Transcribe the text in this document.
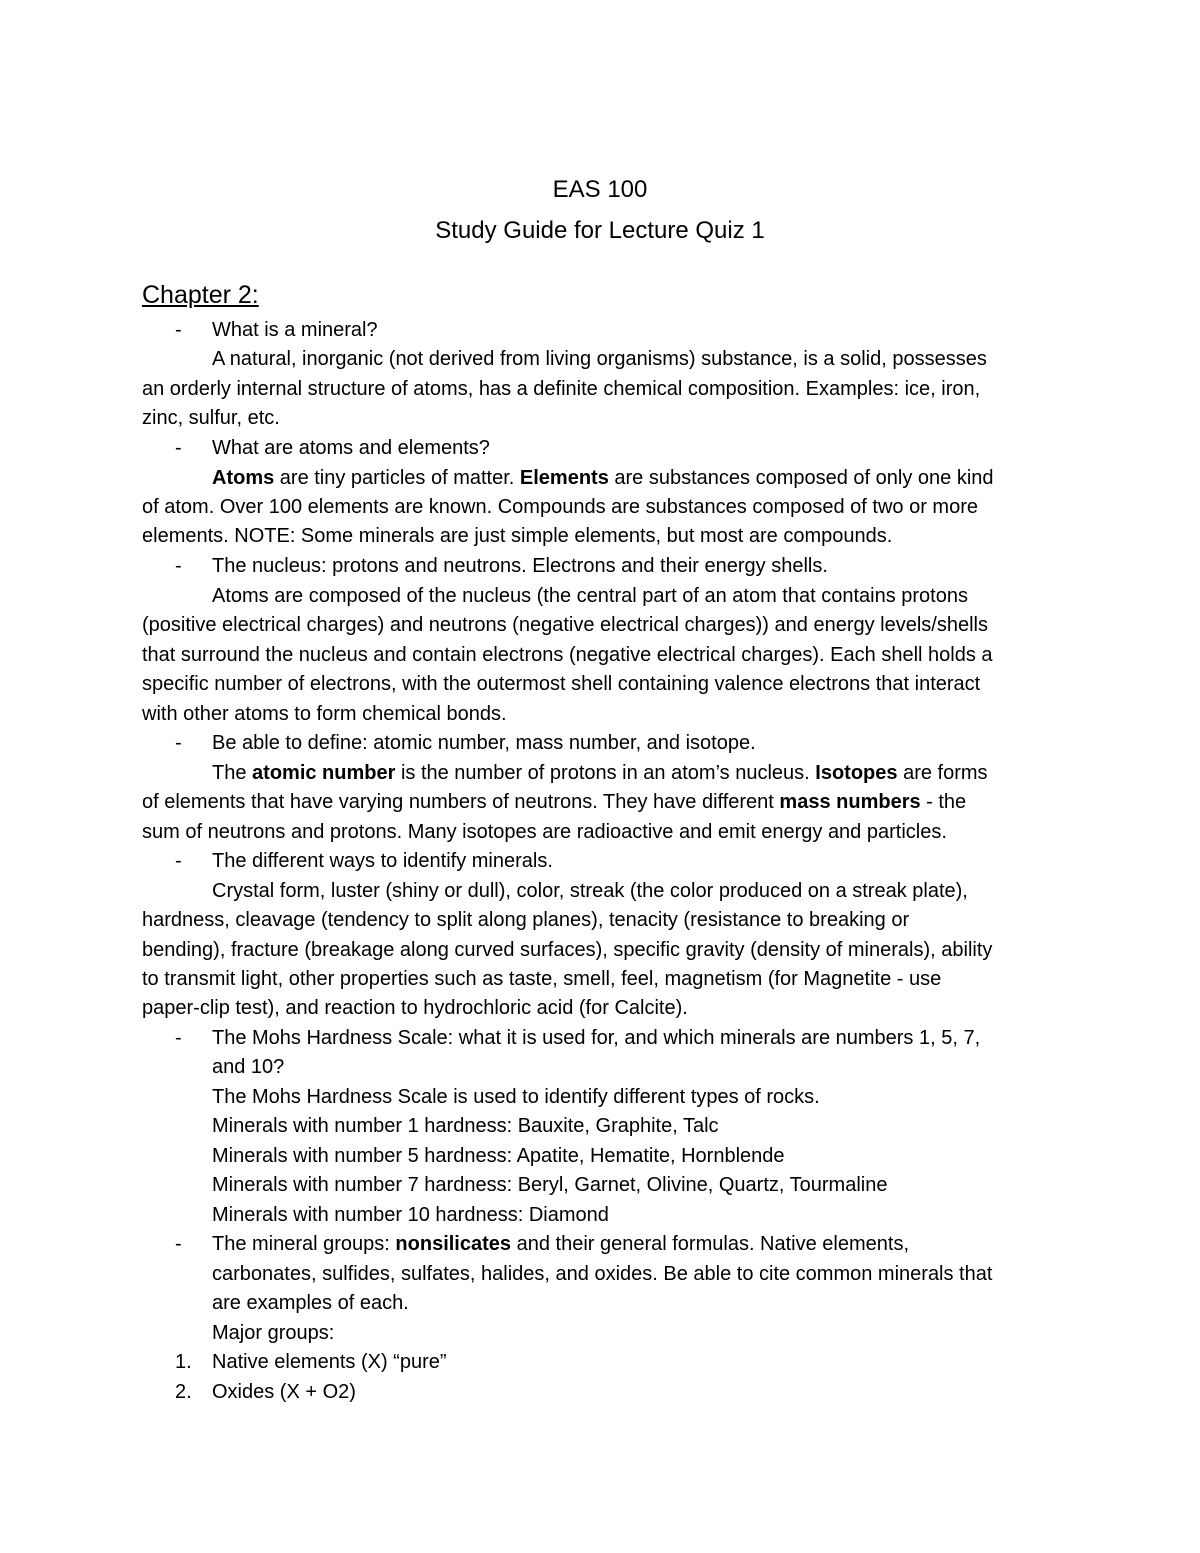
EAS 100
Study Guide for Lecture Quiz 1
Chapter 2:
- What is a mineral?
A natural, inorganic (not derived from living organisms) substance, is a solid, possesses
an orderly internal structure of atoms, has a definite chemical composition. Examples: ice, iron,
zinc, sulfur, etc.
- What are atoms and elements?
Atoms are tiny particles of matter. Elements are substances composed of only one kind
of atom. Over 100 elements are known. Compounds are substances composed of two or more
elements. NOTE: Some minerals are just simple elements, but most are compounds.
- The nucleus: protons and neutrons. Electrons and their energy shells.
Atoms are composed of the nucleus (the central part of an atom that contains protons
(positive electrical charges) and neutrons (negative electrical charges)) and energy levels/shells
that surround the nucleus and contain electrons (negative electrical charges). Each shell holds a
specific number of electrons, with the outermost shell containing valence electrons that interact
with other atoms to form chemical bonds.
- Be able to define: atomic number, mass number, and isotope.
The atomic number is the number of protons in an atom’s nucleus. Isotopes are forms
of elements that have varying numbers of neutrons. They have different mass numbers - the
sum of neutrons and protons. Many isotopes are radioactive and emit energy and particles.
- The different ways to identify minerals.
Crystal form, luster (shiny or dull), color, streak (the color produced on a streak plate),
hardness, cleavage (tendency to split along planes), tenacity (resistance to breaking or
bending), fracture (breakage along curved surfaces), specific gravity (density of minerals), ability
to transmit light, other properties such as taste, smell, feel, magnetism (for Magnetite - use
paper-clip test), and reaction to hydrochloric acid (for Calcite).
- The Mohs Hardness Scale: what it is used for, and which minerals are numbers 1, 5, 7,
and 10?
The Mohs Hardness Scale is used to identify different types of rocks.
Minerals with number 1 hardness: Bauxite, Graphite, Talc
Minerals with number 5 hardness: Apatite, Hematite, Hornblende
Minerals with number 7 hardness: Beryl, Garnet, Olivine, Quartz, Tourmaline
Minerals with number 10 hardness: Diamond
- The mineral groups: nonsilicates and their general formulas. Native elements,
carbonates, sulfides, sulfates, halides, and oxides. Be able to cite common minerals that
are examples of each.
Major groups:
1. Native elements (X) “pure”
2. Oxides (X + O2)
